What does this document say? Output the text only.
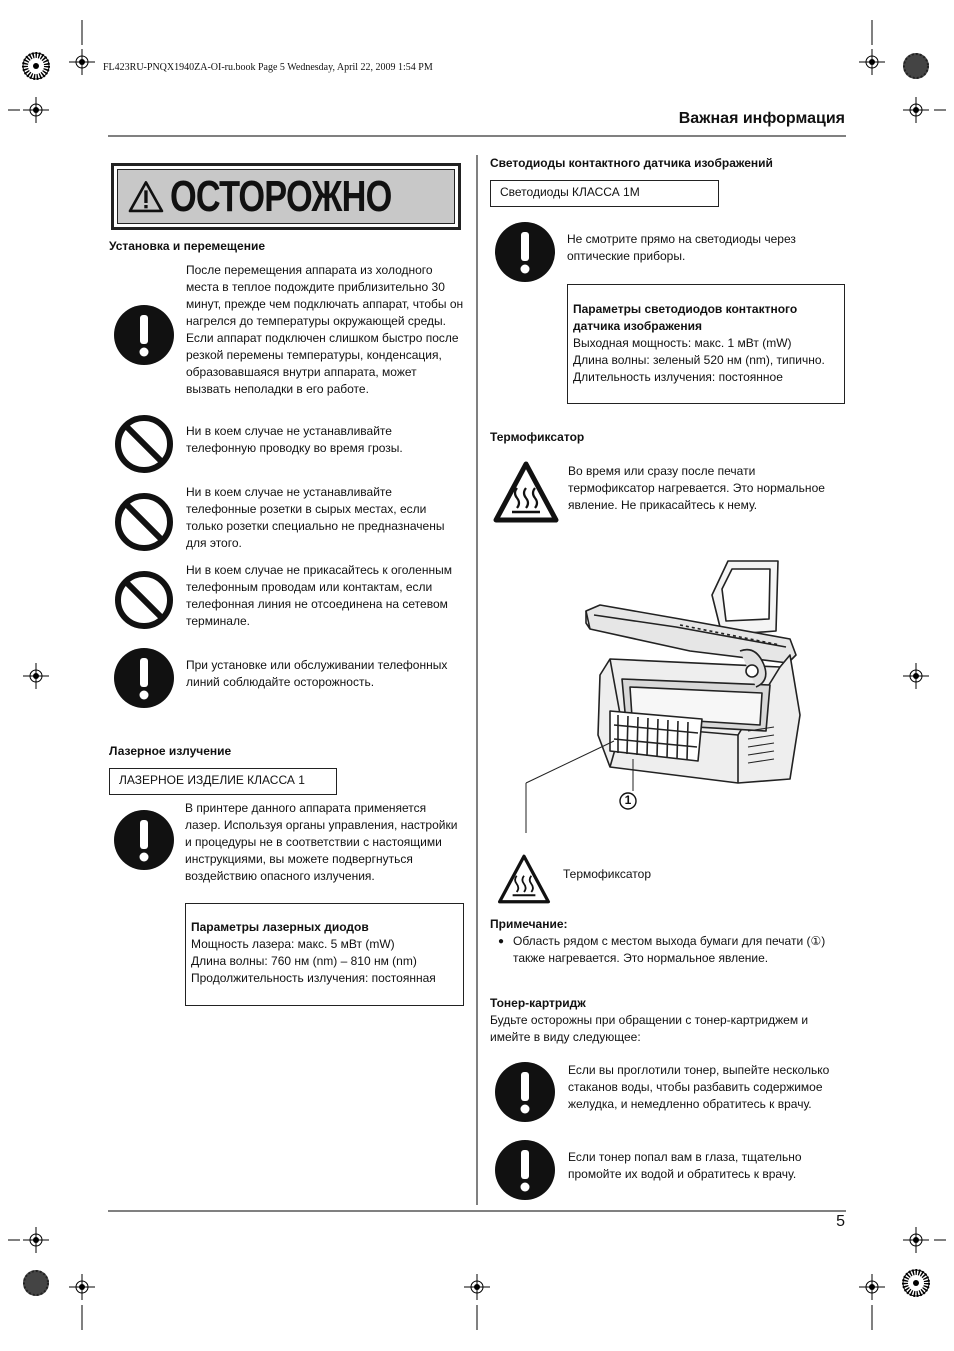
FL423RU-PNQX1940ZA-OI-ru.book Page 5 Wednesday, April 22, 2009 1:54 PM
Важная информация
5
ОСТОРОЖНО
Установка и перемещение
После перемещения аппарата из холодного места в теплое подождите приблизительно 30 минут, прежде чем подключать аппарат, чтобы он нагрелся до температуры окружающей среды. Если аппарат подключен слишком быстро после резкой перемены температуры, конденсация, образовавшаяся внутри аппарата, может вызвать неполадки в его работе.
Ни в коем случае не устанавливайте телефонную проводку во время грозы.
Ни в коем случае не устанавливайте телефонные розетки в сырых местах, если только розетки специально не предназначены для этого.
Ни в коем случае не прикасайтесь к оголенным телефонным проводам или контактам, если телефонная линия не отсоединена на сетевом терминале.
При установке или обслуживании телефонных линий соблюдайте осторожность.
Лазерное излучение
ЛАЗЕРНОЕ ИЗДЕЛИЕ КЛАССА 1
В принтере данного аппарата применяется лазер. Используя органы управления, настройки и процедуры не в соответствии с настоящими инструкциями, вы можете подвергнуться воздействию опасного излучения.
Параметры лазерных диодов
Мощность лазера: макс. 5 мВт (mW)
Длина волны: 760 нм (nm) – 810 нм (nm)
Продолжительность излучения: постоянная
Светодиоды контактного датчика изображений
Светодиоды КЛАССА 1M
Не смотрите прямо на светодиоды через оптические приборы.
Параметры светодиодов контактного датчика изображения
Выходная мощность: макс. 1 мВт (mW)
Длина волны: зеленый 520 нм (nm), типично.
Длительность излучения: постоянное
Термофиксатор
Во время или сразу после печати термофиксатор нагревается. Это нормальное явление. Не прикасайтесь к нему.
1
Термофиксатор
Примечание:
● Область рядом с местом выхода бумаги для печати (①) также нагревается. Это нормальное явление.
Тонер-картридж
Будьте осторожны при обращении с тонер-картриджем и имейте в виду следующее:
Если вы проглотили тонер, выпейте несколько стаканов воды, чтобы разбавить содержимое желудка, и немедленно обратитесь к врачу.
Если тонер попал вам в глаза, тщательно промойте их водой и обратитесь к врачу.
